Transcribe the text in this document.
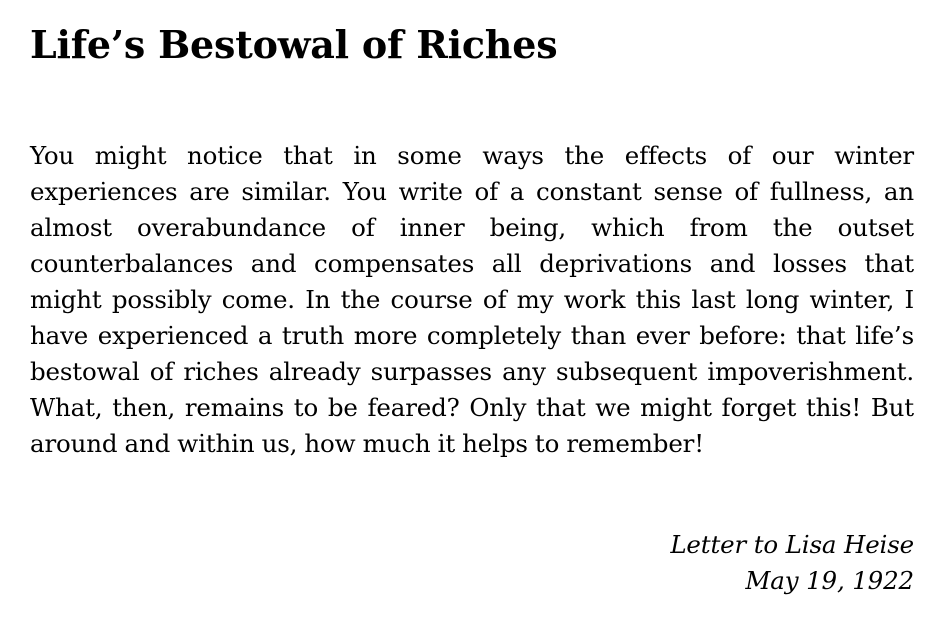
Life’s Bestowal of Riches

You might notice that in some ways the effects of our winter experiences are similar. You write of a constant sense of fullness, an almost overabundance of inner being, which from the outset counterbalances and compensates all deprivations and losses that might possibly come. In the course of my work this last long winter, I have experienced a truth more completely than ever before: that life’s bestowal of riches already surpasses any subsequent impoverishment. What, then, remains to be feared? Only that we might forget this! But around and within us, how much it helps to remember!

Letter to Lisa Heise
May 19, 1922
